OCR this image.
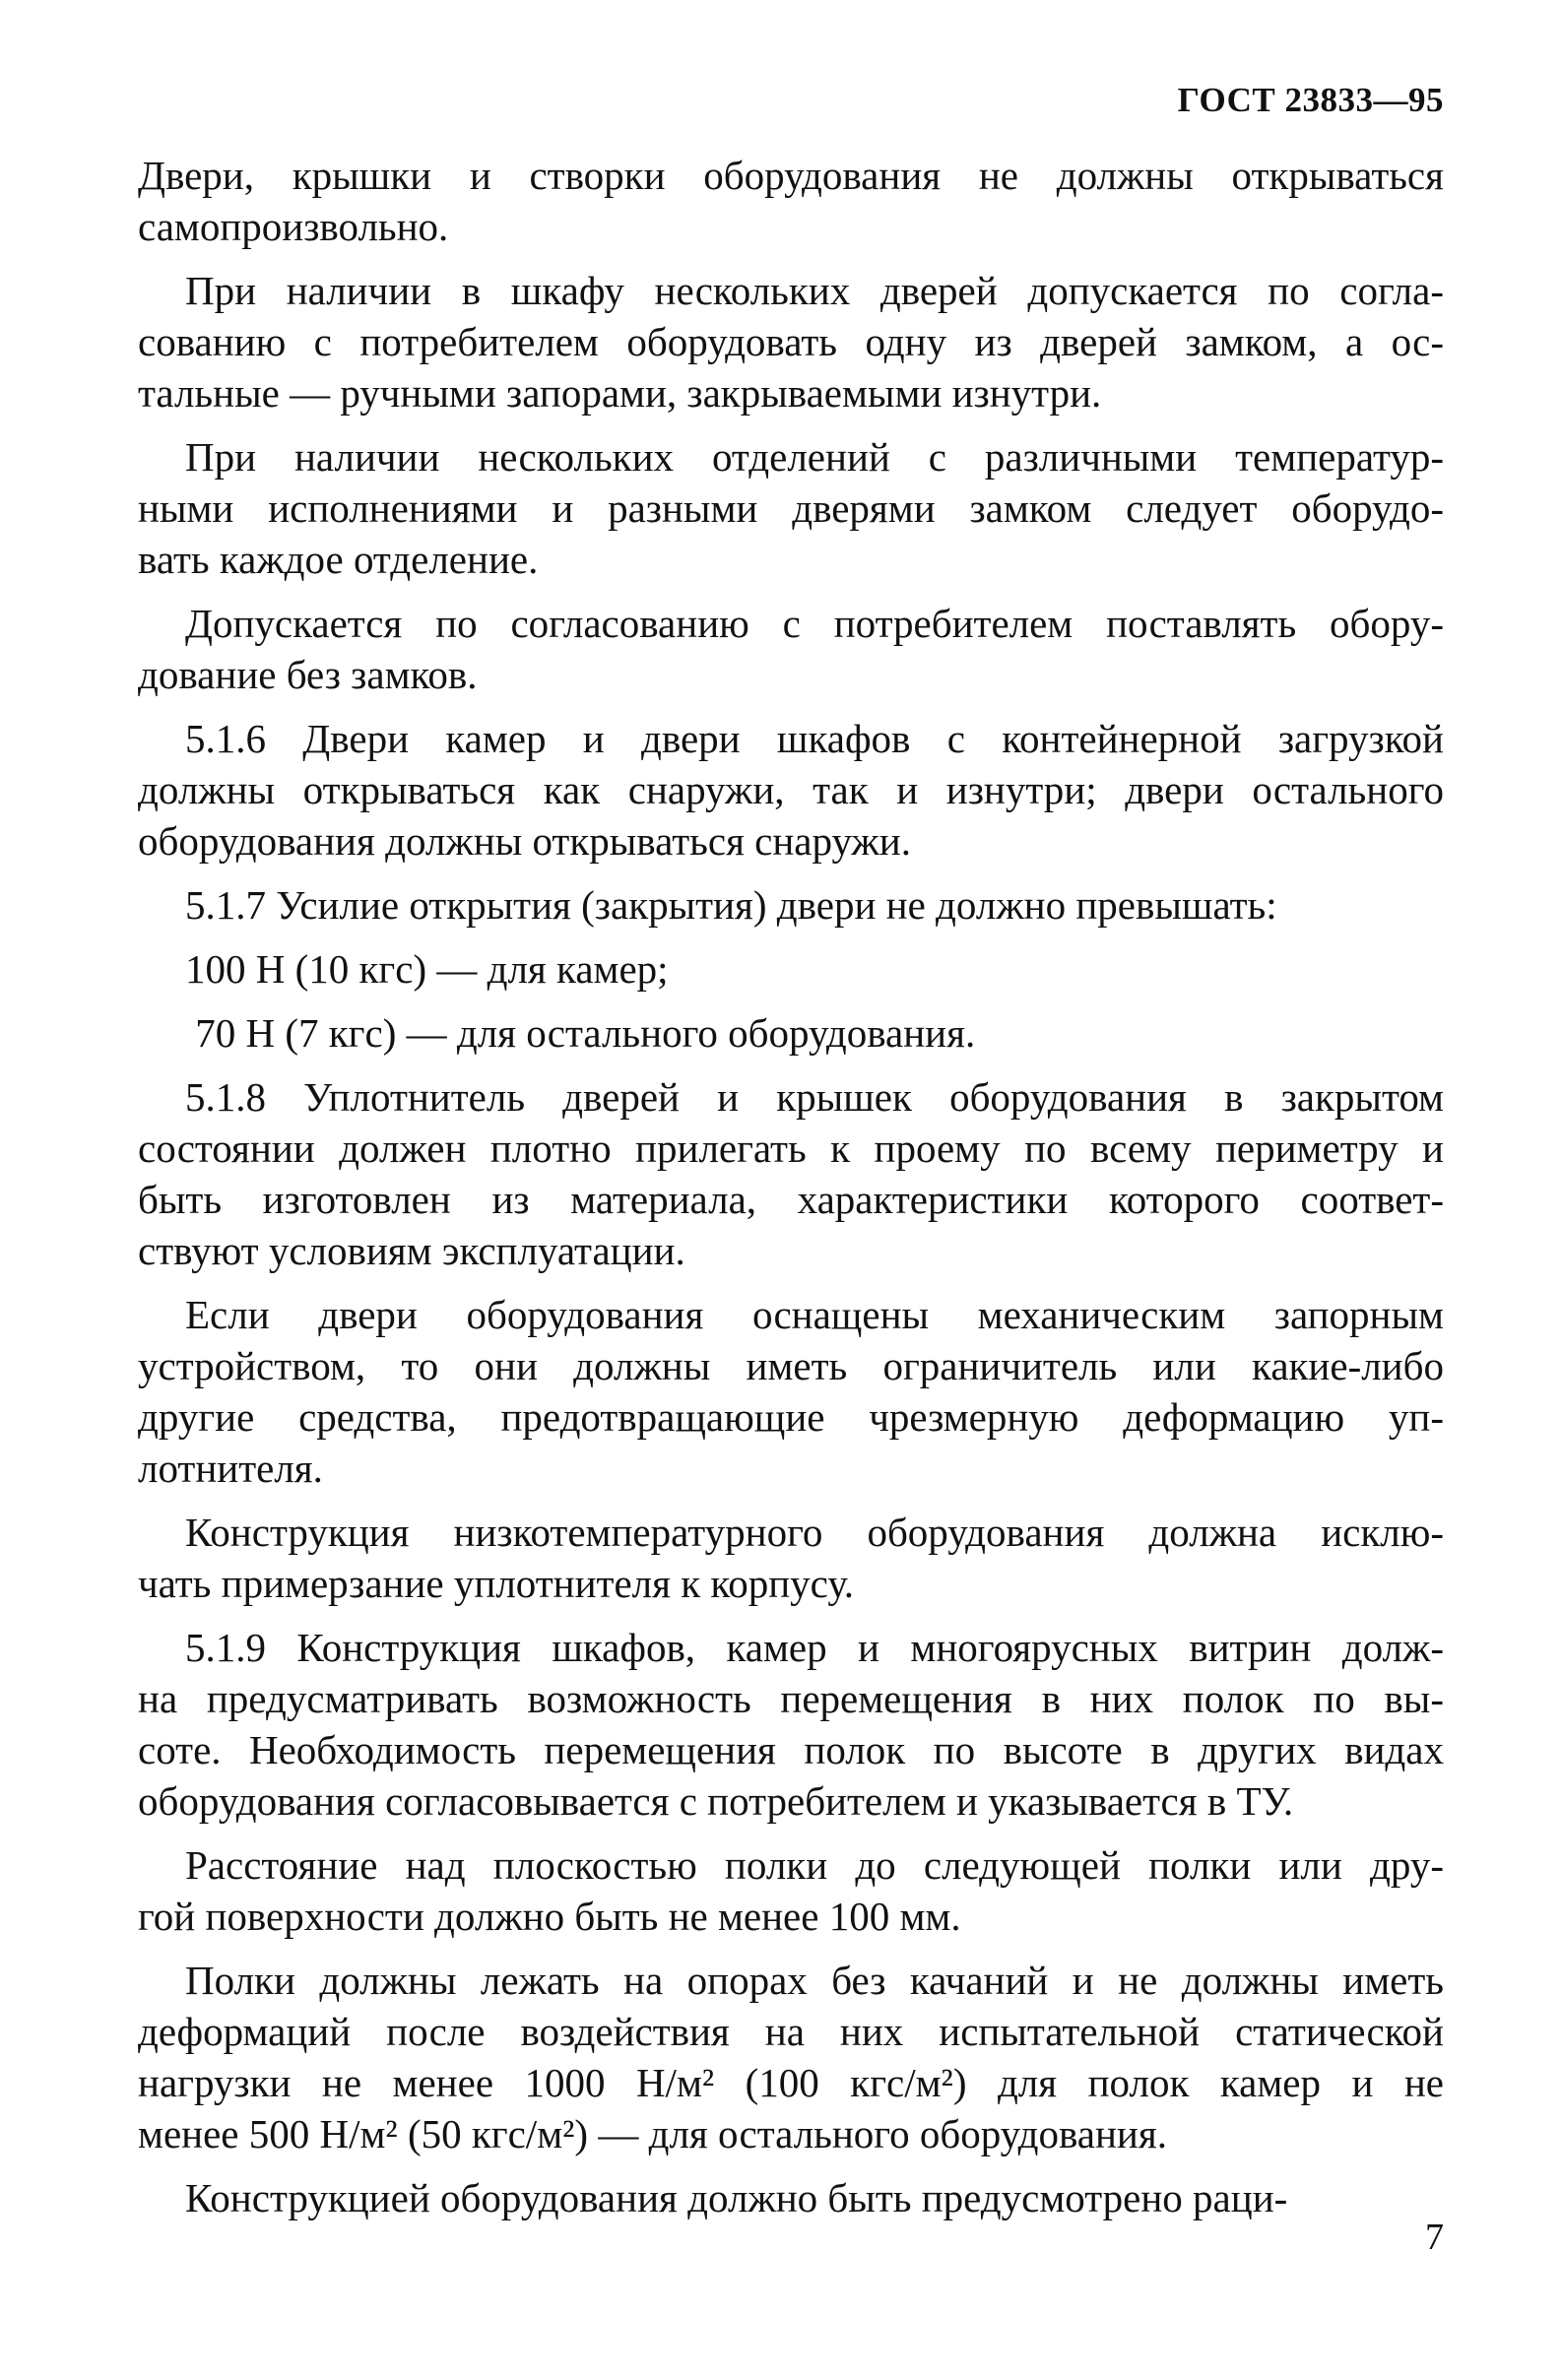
ГОСТ 23833—95

Двери, крышки и створки оборудования не должны открываться
самопроизвольно.

При наличии в шкафу нескольких дверей допускается по согла-
сованию с потребителем оборудовать одну из дверей замком, а ос-
тальные — ручными запорами, закрываемыми изнутри.

При наличии нескольких отделений с различными температур-
ными исполнениями и разными дверями замком следует оборудо-
вать каждое отделение.

Допускается по согласованию с потребителем поставлять обору-
дование без замков.

5.1.6 Двери камер и двери шкафов с контейнерной загрузкой
должны открываться как снаружи, так и изнутри; двери остального
оборудования должны открываться снаружи.

5.1.7 Усилие открытия (закрытия) двери не должно превышать:

100 Н (10 кгс) — для камер;

70 Н (7 кгс) — для остального оборудования.

5.1.8 Уплотнитель дверей и крышек оборудования в закрытом
состоянии должен плотно прилегать к проему по всему периметру и
быть изготовлен из материала, характеристики которого соответ-
ствуют условиям эксплуатации.

Если двери оборудования оснащены механическим запорным
устройством, то они должны иметь ограничитель или какие-либо
другие средства, предотвращающие чрезмерную деформацию уп-
лотнителя.

Конструкция низкотемпературного оборудования должна исклю-
чать примерзание уплотнителя к корпусу.

5.1.9 Конструкция шкафов, камер и многоярусных витрин долж-
на предусматривать возможность перемещения в них полок по вы-
соте. Необходимость перемещения полок по высоте в других видах
оборудования согласовывается с потребителем и указывается в ТУ.

Расстояние над плоскостью полки до следующей полки или дру-
гой поверхности должно быть не менее 100 мм.

Полки должны лежать на опорах без качаний и не должны иметь
деформаций после воздействия на них испытательной статической
нагрузки не менее 1000 Н/м² (100 кгс/м²) для полок камер и не
менее 500 Н/м² (50 кгс/м²) — для остального оборудования.

Конструкцией оборудования должно быть предусмотрено раци-

7
